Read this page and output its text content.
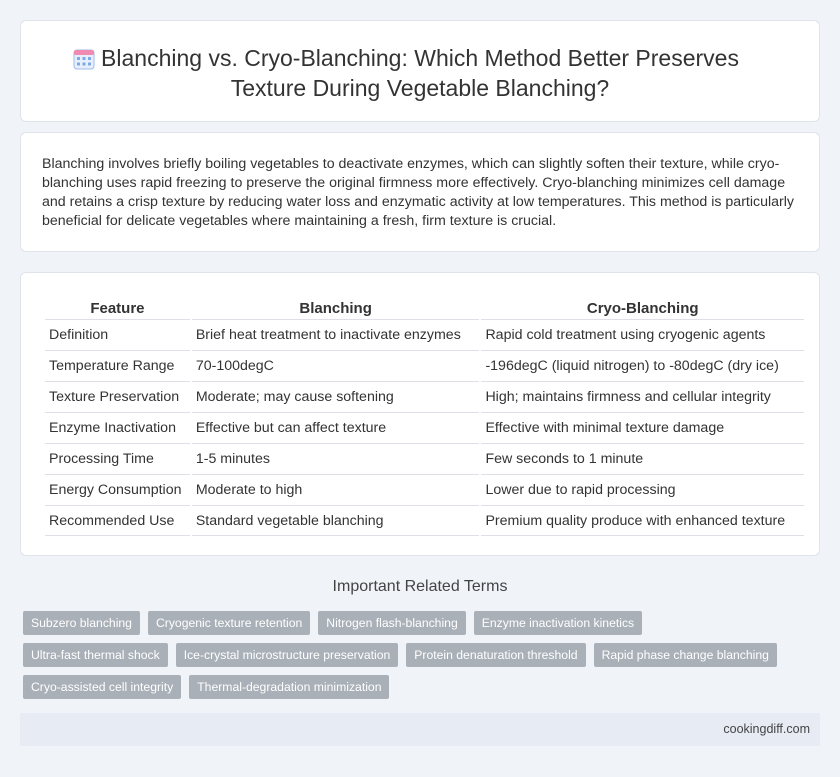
Blanching vs. Cryo-Blanching: Which Method Better Preserves
Texture During Vegetable Blanching?

Blanching involves briefly boiling vegetables to deactivate enzymes, which can slightly soften their texture, while cryo-blanching uses rapid freezing to preserve the original firmness more effectively. Cryo-blanching minimizes cell damage and retains a crisp texture by reducing water loss and enzymatic activity at low temperatures. This method is particularly beneficial for delicate vegetables where maintaining a fresh, firm texture is crucial.

Feature	Blanching	Cryo-Blanching
Definition	Brief heat treatment to inactivate enzymes	Rapid cold treatment using cryogenic agents
Temperature Range	70-100degC	-196degC (liquid nitrogen) to -80degC (dry ice)
Texture Preservation	Moderate; may cause softening	High; maintains firmness and cellular integrity
Enzyme Inactivation	Effective but can affect texture	Effective with minimal texture damage
Processing Time	1-5 minutes	Few seconds to 1 minute
Energy Consumption	Moderate to high	Lower due to rapid processing
Recommended Use	Standard vegetable blanching	Premium quality produce with enhanced texture
Important Related Terms
Subzero blanching	Cryogenic texture retention	Nitrogen flash-blanching	Enzyme inactivation kinetics
Ultra-fast thermal shock	Ice-crystal microstructure preservation	Protein denaturation threshold	Rapid phase change blanching
Cryo-assisted cell integrity	Thermal-degradation minimization
cookingdiff.com
